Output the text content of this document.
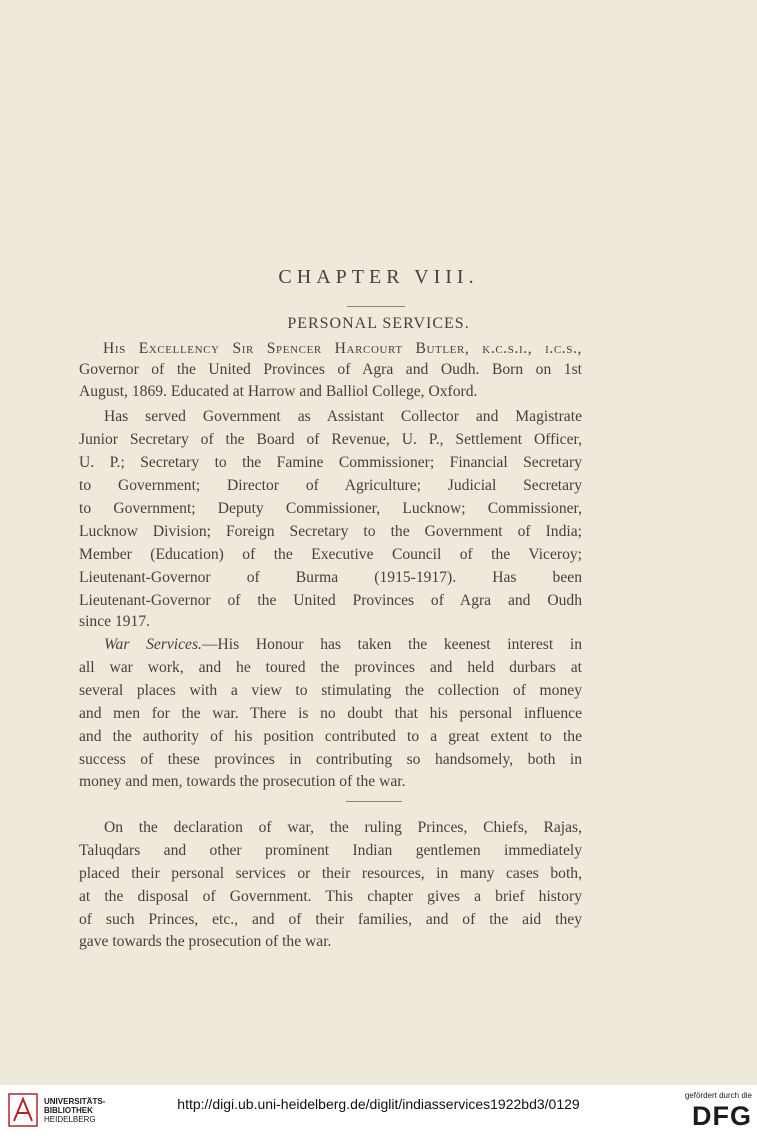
CHAPTER VIII.
PERSONAL SERVICES.
His Excellency Sir Spencer Harcourt Butler, k.c.s.i., i.c.s.,
Governor of the United Provinces of Agra and Oudh. Born on 1st
August, 1869. Educated at Harrow and Balliol College, Oxford.
Has served Government as Assistant Collector and Magistrate
Junior Secretary of the Board of Revenue, U. P., Settlement Officer,
U. P.; Secretary to the Famine Commissioner; Financial Secretary
to Government; Director of Agriculture; Judicial Secretary
to Government; Deputy Commissioner, Lucknow; Commissioner,
Lucknow Division; Foreign Secretary to the Government of India;
Member (Education) of the Executive Council of the Viceroy;
Lieutenant-Governor of Burma (1915-1917). Has been
Lieutenant-Governor of the United Provinces of Agra and Oudh
since 1917.
War Services.—His Honour has taken the keenest interest in
all war work, and he toured the provinces and held durbars at
several places with a view to stimulating the collection of money
and men for the war. There is no doubt that his personal influence
and the authority of his position contributed to a great extent to the
success of these provinces in contributing so handsomely, both in
money and men, towards the prosecution of the war.
On the declaration of war, the ruling Princes, Chiefs, Rajas,
Taluqdars and other prominent Indian gentlemen immediately
placed their personal services or their resources, in many cases both,
at the disposal of Government. This chapter gives a brief history
of such Princes, etc., and of their families, and of the aid they
gave towards the prosecution of the war.
UNIVERSITÄTS-
BIBLIOTHEK
HEIDELBERG
http://digi.ub.uni-heidelberg.de/diglit/indiasservices1922bd3/0129
gefördert durch die
DFG
